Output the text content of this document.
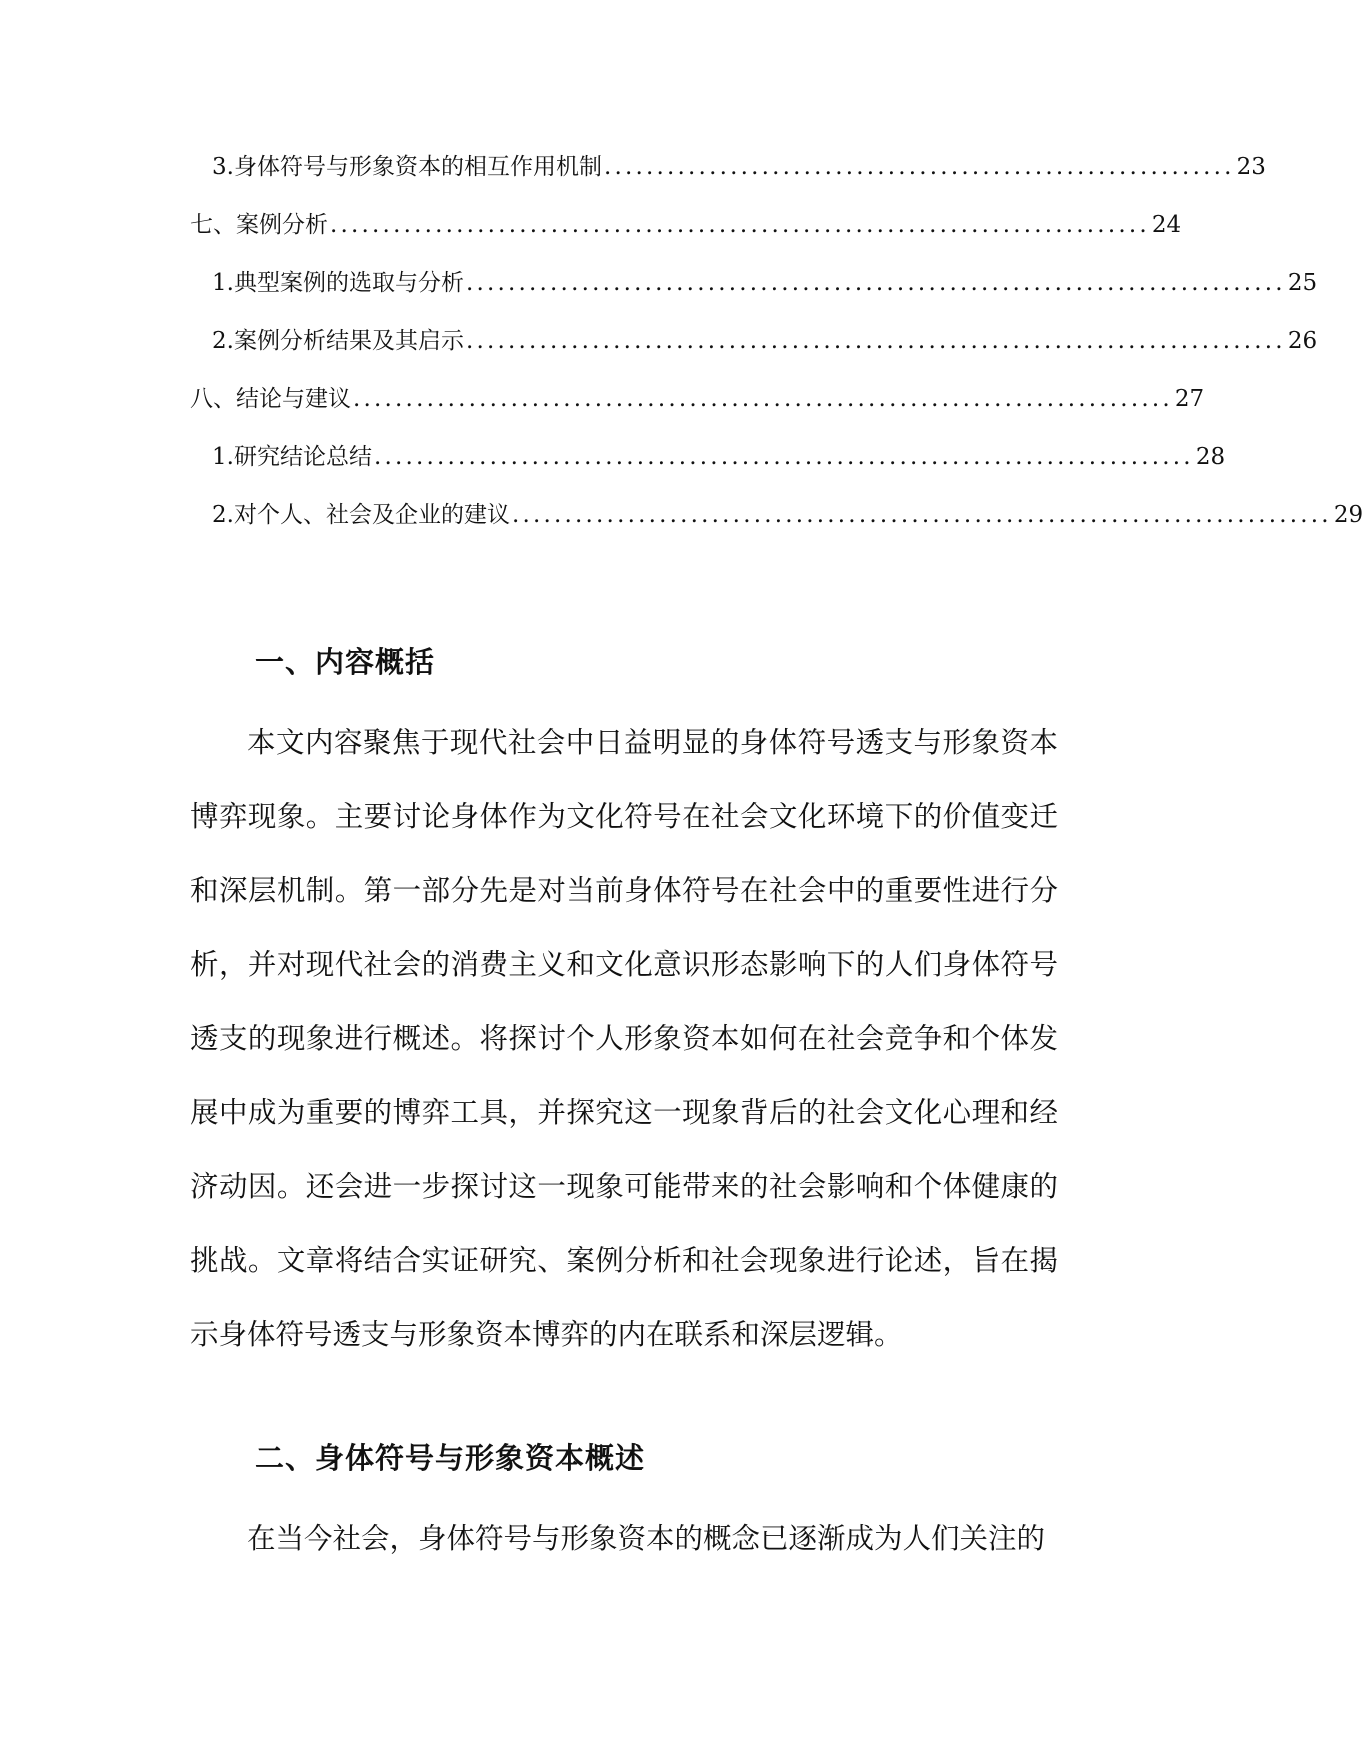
3. 身体符号与形象资本的相互作用机制 ............................................................ 23
七、案例分析 .............................................................................. 24
1. 典型案例的选取与分析 .............................................................................. 25
2. 案例分析结果及其启示 .............................................................................. 26
八、结论与建议 .............................................................................. 27
1. 研究结论总结 .............................................................................. 28
2. 对个人、社会及企业的建议 .............................................................................. 29
一、内容概括

本文内容聚焦于现代社会中日益明显的身体符号透支与形象资本博弈现象。主要讨论身体作为文化符号在社会文化环境下的价值变迁和深层机制。第一部分先是对当前身体符号在社会中的重要性进行分析，并对现代社会的消费主义和文化意识形态影响下的人们身体符号透支的现象进行概述。将探讨个人形象资本如何在社会竞争和个体发展中成为重要的博弈工具，并探究这一现象背后的社会文化心理和经济动因。还会进一步探讨这一现象可能带来的社会影响和个体健康的挑战。文章将结合实证研究、案例分析和社会现象进行论述，旨在揭示身体符号透支与形象资本博弈的内在联系和深层逻辑。

二、身体符号与形象资本概述

在当今社会，身体符号与形象资本的概念已逐渐成为人们关注的
